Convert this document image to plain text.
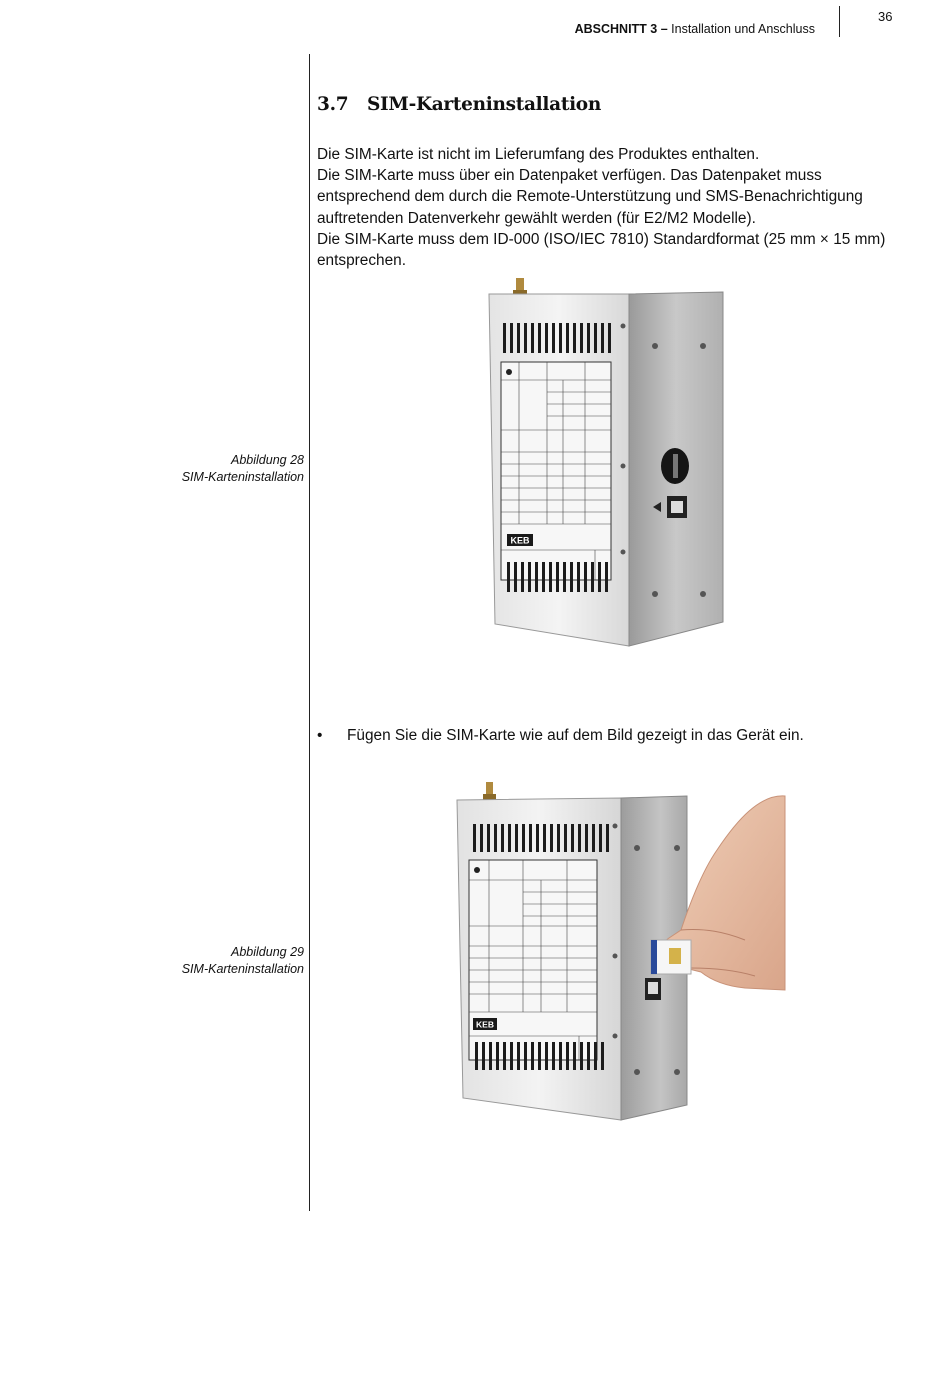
ABSCHNITT 3 – Installation und Anschluss
36
3.7 SIM-Karteninstallation

Die SIM-Karte ist nicht im Lieferumfang des Produktes enthalten.

Die SIM-Karte muss über ein Datenpaket verfügen. Das Datenpaket muss entsprechend dem durch die Remote-Unterstützung und SMS-Benachrichtigung auftretenden Datenverkehr gewählt werden (für E2/M2 Modelle).

Die SIM-Karte muss dem ID-000 (ISO/IEC 7810) Standardformat (25 mm × 15 mm) entsprechen.

Abbildung 28
SIM-Karteninstallation
KEB
• Fügen Sie die SIM-Karte wie auf dem Bild gezeigt in das Gerät ein.
Abbildung 29
SIM-Karteninstallation
KEB
